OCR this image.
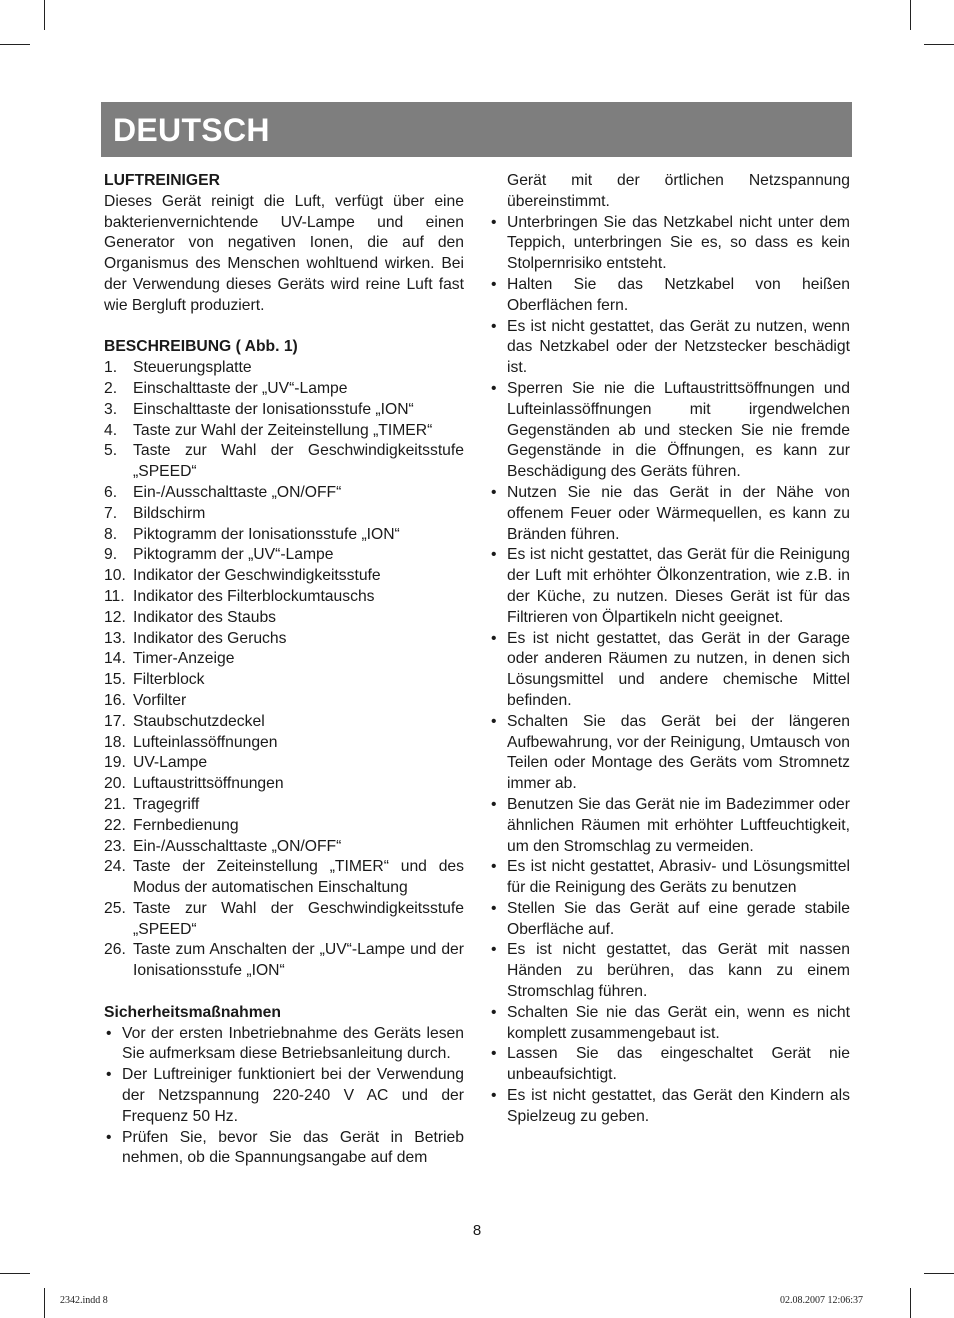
DEUTSCH
LUFTREINIGER

Dieses Gerät reinigt die Luft, verfügt über eine bakterienvernichtende UV-Lampe und einen Generator von negativen Ionen, die auf den Organismus des Menschen wohltuend wirken. Bei der Verwendung dieses Geräts wird reine Luft fast wie Bergluft produziert.

BESCHREIBUNG ( Abb. 1)
1.	Steuerungsplatte
2.	Einschalttaste der „UV“-Lampe
3.	Einschalttaste der Ionisationsstufe „ION“
4.	Taste zur Wahl der Zeiteinstellung „TIMER“
5.	Taste zur Wahl der Geschwindigkeitsstufe „SPEED“
6.	Ein-/Ausschalttaste „ON/OFF“
7.	Bildschirm
8.	Piktogramm der Ionisationsstufe „ION“
9.	Piktogramm der „UV“-Lampe
10. Indikator der Geschwindigkeitsstufe
11. Indikator des Filterblockumtauschs
12. Indikator des Staubs
13. Indikator des Geruchs
14. Timer-Anzeige
15. Filterblock
16. Vorfilter
17. Staubschutzdeckel
18. Lufteinlassöffnungen
19. UV-Lampe
20. Luftaustrittsöffnungen
21. Tragegriff
22. Fernbedienung
23. Ein-/Ausschalttaste „ON/OFF“
24. Taste der Zeiteinstellung „TIMER“ und des Modus der automatischen Einschaltung
25. Taste zur Wahl der Geschwindigkeitsstufe „SPEED“
26. Taste zum Anschalten der „UV“-Lampe und der Ionisationsstufe „ION“
Sicherheitsmaßnahmen
• Vor der ersten Inbetriebnahme des Geräts lesen Sie aufmerksam diese Betriebsanleitung durch.
• Der Luftreiniger funktioniert bei der Verwendung der Netzspannung 220-240 V AC und der Frequenz 50 Hz.
• Prüfen Sie, bevor Sie das Gerät in Betrieb nehmen, ob die Spannungsangabe auf dem
Gerät mit der örtlichen Netzspannung übereinstimmt.
• Unterbringen Sie das Netzkabel nicht unter dem Teppich, unterbringen Sie es, so dass es kein Stolpernrisiko entsteht.
• Halten Sie das Netzkabel von heißen Oberflächen fern.
• Es ist nicht gestattet, das Gerät zu nutzen, wenn das Netzkabel oder der Netzstecker beschädigt ist.
• Sperren Sie nie die Luftaustrittsöffnungen und Lufteinlassöffnungen mit irgendwelchen Gegenständen ab und stecken Sie nie fremde Gegenstände in die Öffnungen, es kann zur Beschädigung des Geräts führen.
• Nutzen Sie nie das Gerät in der Nähe von offenem Feuer oder Wärmequellen, es kann zu Bränden führen.
• Es ist nicht gestattet, das Gerät für die Reinigung der Luft mit erhöhter Ölkonzentration, wie z.B. in der Küche, zu nutzen. Dieses Gerät ist für das Filtrieren von Ölpartikeln nicht geeignet.
• Es ist nicht gestattet, das Gerät in der Garage oder anderen Räumen zu nutzen, in denen sich Lösungsmittel und andere chemische Mittel befinden.
• Schalten Sie das Gerät bei der längeren Aufbewahrung, vor der Reinigung, Umtausch von Teilen oder Montage des Geräts vom Stromnetz immer ab.
• Benutzen Sie das Gerät nie im Badezimmer oder ähnlichen Räumen mit erhöhter Luftfeuchtigkeit, um den Stromschlag zu vermeiden.
• Es ist nicht gestattet, Abrasiv- und Lösungsmittel für die Reinigung des Geräts zu benutzen
• Stellen Sie das Gerät auf eine gerade stabile Oberfläche auf.
• Es ist nicht gestattet, das Gerät mit nassen Händen zu berühren, das kann zu einem Stromschlag führen.
• Schalten Sie nie das Gerät ein, wenn es nicht komplett zusammengebaut ist.
• Lassen Sie das eingeschaltet Gerät nie unbeaufsichtigt.
• Es ist nicht gestattet, das Gerät den Kindern als Spielzeug zu geben.
8
2342.indd 8	02.08.2007 12:06:37
